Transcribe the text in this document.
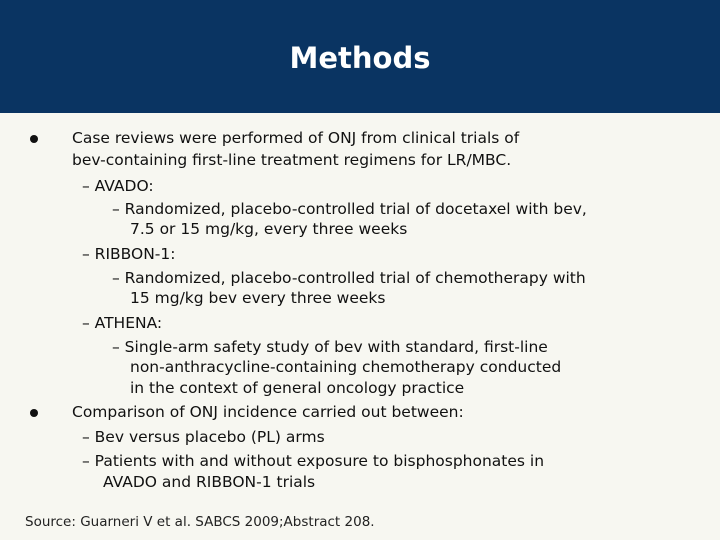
Methods
Case reviews were performed of ONJ from clinical trials of
bev-containing first-line treatment regimens for LR/MBC.
– AVADO:
– Randomized, placebo-controlled trial of docetaxel with bev,
7.5 or 15 mg/kg, every three weeks
– RIBBON-1:
– Randomized, placebo-controlled trial of chemotherapy with
15 mg/kg bev every three weeks
– ATHENA:
– Single-arm safety study of bev with standard, first-line
non-anthracycline-containing chemotherapy conducted
in the context of general oncology practice
Comparison of ONJ incidence carried out between:
– Bev versus placebo (PL) arms
– Patients with and without exposure to bisphosphonates in
AVADO and RIBBON-1 trials
Source: Guarneri V et al. SABCS 2009;Abstract 208.
